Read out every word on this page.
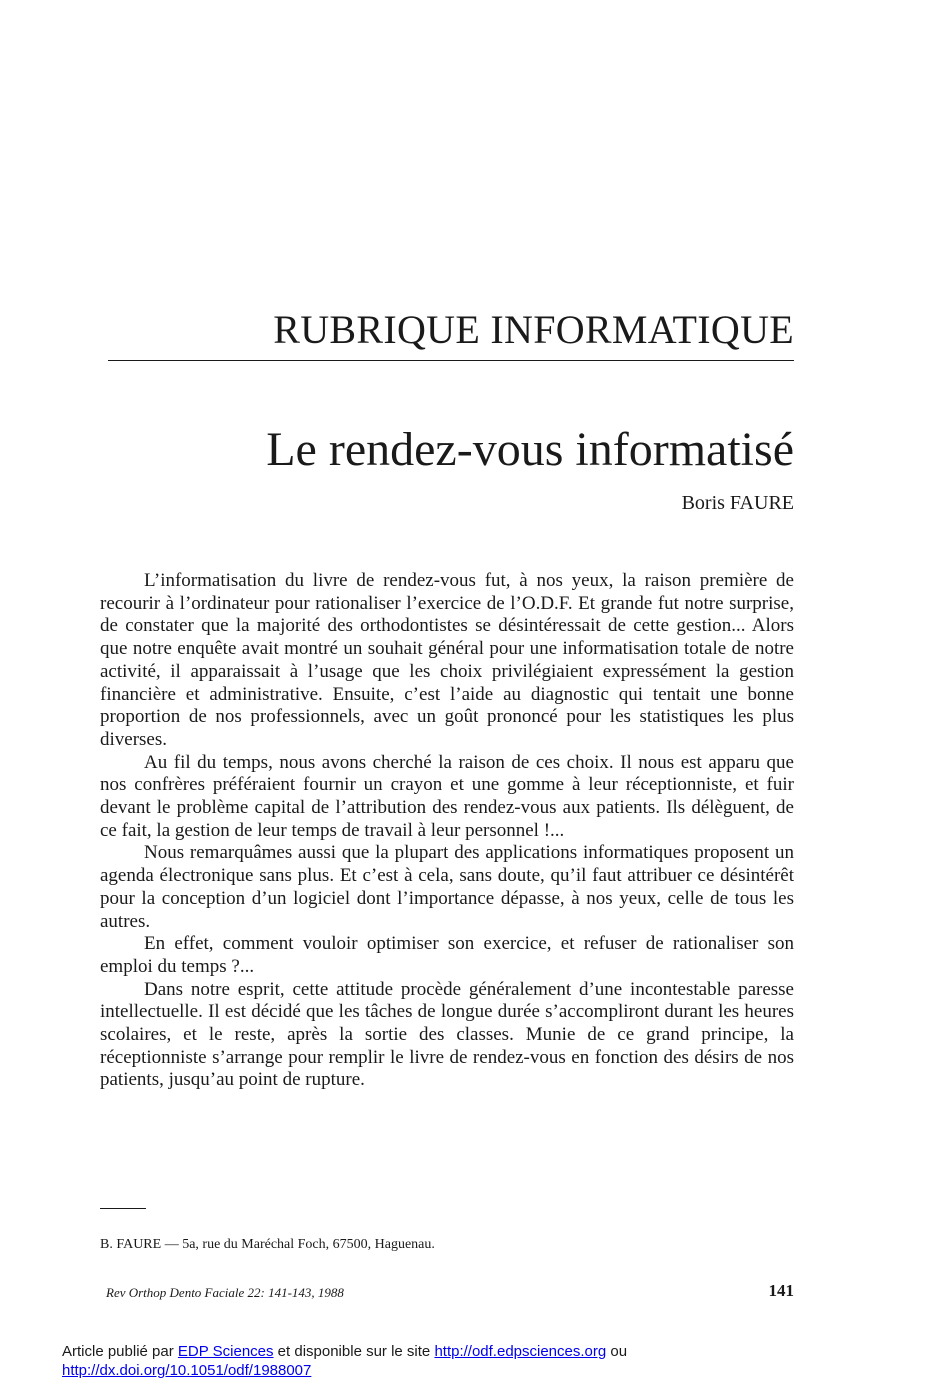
RUBRIQUE INFORMATIQUE
Le rendez-vous informatisé
Boris FAURE

L’informatisation du livre de rendez-vous fut, à nos yeux, la raison première de recourir à l’ordinateur pour rationaliser l’exercice de l’O.D.F. Et grande fut notre surprise, de constater que la majorité des orthodontistes se désintéressait de cette gestion... Alors que notre enquête avait montré un souhait général pour une informatisation totale de notre activité, il apparaissait à l’usage que les choix privilégiaient expressément la gestion financière et administrative. Ensuite, c’est l’aide au diagnostic qui tentait une bonne proportion de nos professionnels, avec un goût prononcé pour les statistiques les plus diverses.

Au fil du temps, nous avons cherché la raison de ces choix. Il nous est apparu que nos confrères préféraient fournir un crayon et une gomme à leur réceptionniste, et fuir devant le problème capital de l’attribution des rendez-vous aux patients. Ils délèguent, de ce fait, la gestion de leur temps de travail à leur personnel !...

Nous remarquâmes aussi que la plupart des applications informatiques proposent un agenda électronique sans plus. Et c’est à cela, sans doute, qu’il faut attribuer ce désintérêt pour la conception d’un logiciel dont l’importance dépasse, à nos yeux, celle de tous les autres.

En effet, comment vouloir optimiser son exercice, et refuser de rationaliser son emploi du temps ?...

Dans notre esprit, cette attitude procède généralement d’une incontestable paresse intellectuelle. Il est décidé que les tâches de longue durée s’accompliront durant les heures scolaires, et le reste, après la sortie des classes. Munie de ce grand principe, la réceptionniste s’arrange pour remplir le livre de rendez-vous en fonction des désirs de nos patients, jusqu’au point de rupture.

B. FAURE — 5a, rue du Maréchal Foch, 67500, Haguenau.
Rev Orthop Dento Faciale 22: 141-143, 1988	141
Article publié par EDP Sciences et disponible sur le site http://odf.edpsciences.org ou
http://dx.doi.org/10.1051/odf/1988007
